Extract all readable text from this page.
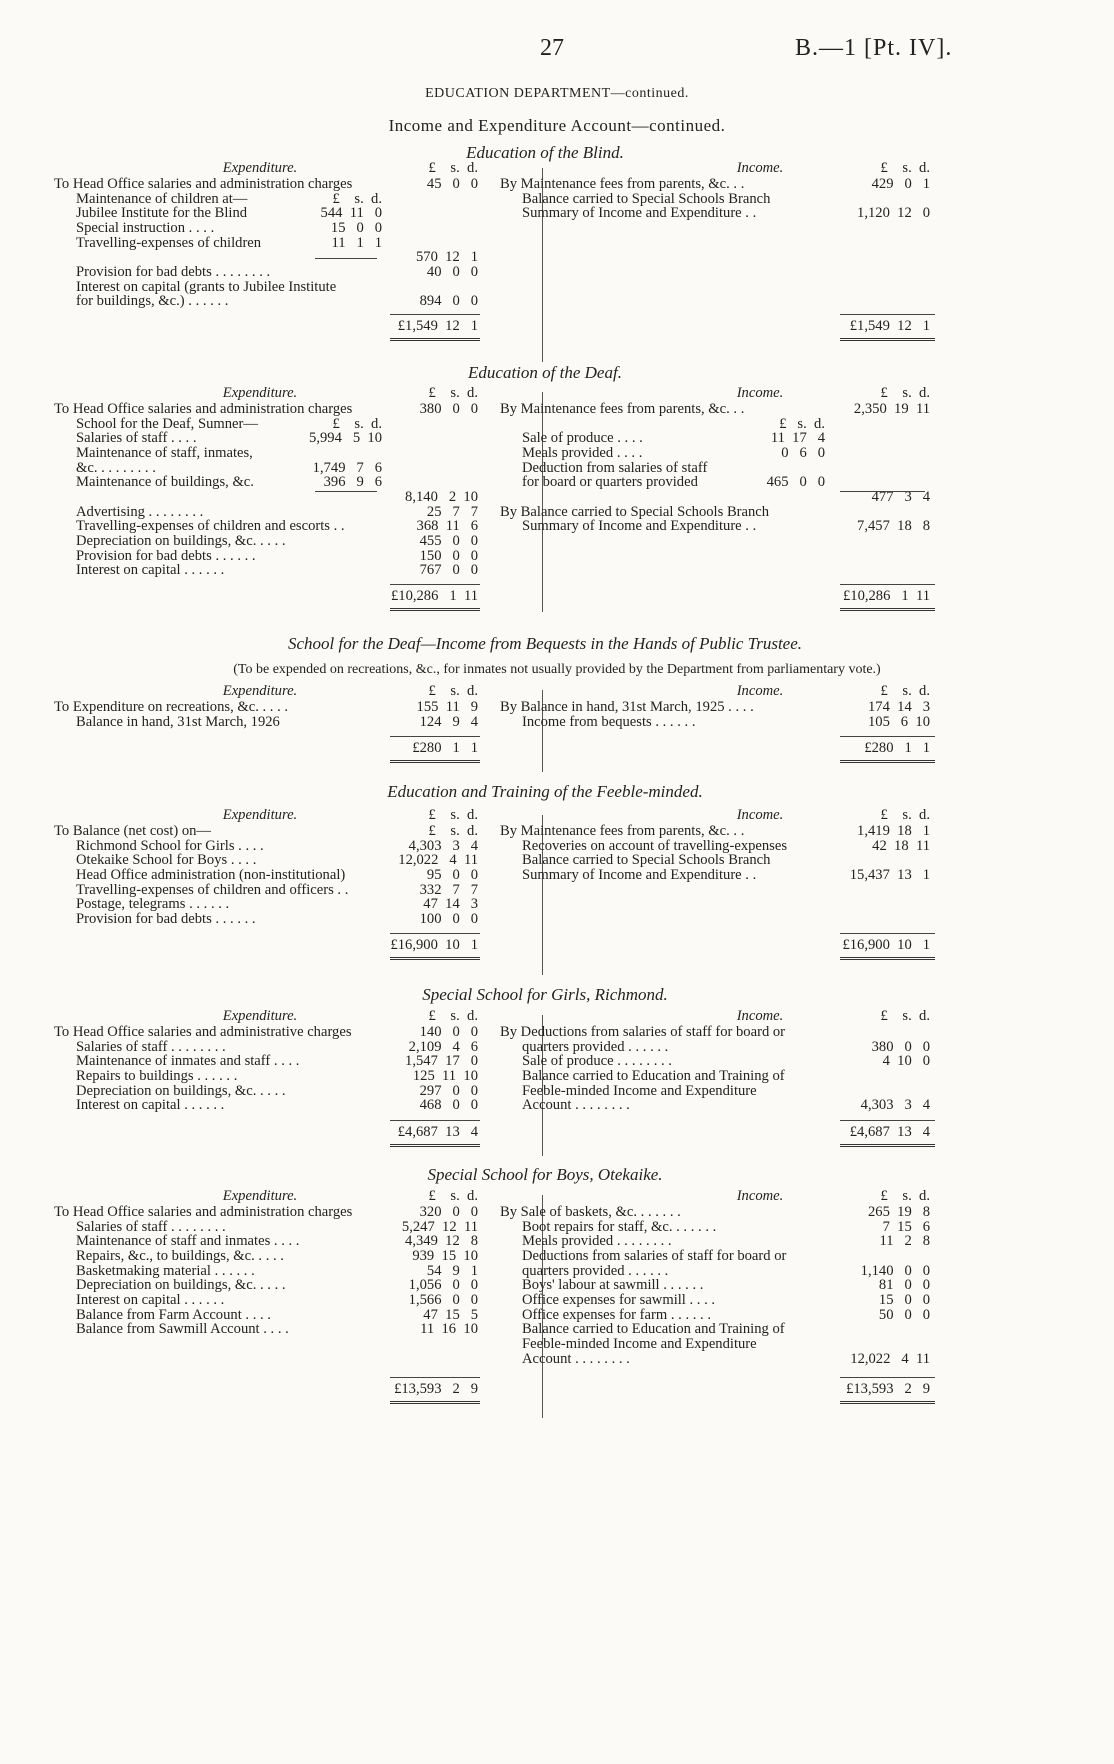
27	B.—1 [Pt. IV].
EDUCATION DEPARTMENT—continued.
Income and Expenditure Account—continued.
Education of the Blind.
Expenditure.	£    s.  d.	Income.	£    s.  d.
To Head Office salaries and administration charges	45   0   0
Maintenance of children at—	£    s.  d.
Jubilee Institute for the Blind	544  11   0
Special instruction . . . .	15   0   0
Travelling-expenses of children	11   1   1
570  12   1
Provision for bad debts . . . . . . . .	40   0   0
Interest on capital (grants to Jubilee Institute
for buildings, &c.) . . . . . .	894   0   0
By Maintenance fees from parents, &c. . .	429   0   1
Balance carried to Special Schools Branch
Summary of Income and Expenditure . .	1,120  12   0
£1,549  12   1	£1,549  12   1
Education of the Deaf.
Expenditure.	£    s.  d.	Income.	£    s.  d.
To Head Office salaries and administration charges	380   0   0
School for the Deaf, Sumner—	£    s.  d.
Salaries of staff . . . .	5,994   5  10
Maintenance of staff, inmates,
&c. . . . . . . . .	1,749   7   6
Maintenance of buildings, &c.	396   9   6
8,140   2  10
Advertising . . . . . . . .	25   7   7
Travelling-expenses of children and escorts . .	368  11   6
Depreciation on buildings, &c. . . . .	455   0   0
Provision for bad debts . . . . . .	150   0   0
Interest on capital . . . . . .	767   0   0
By Maintenance fees from parents, &c. . .	2,350  19  11
£   s.  d.
Sale of produce . . . .	11  17   4
Meals provided . . . .	0   6   0
Deduction from salaries of staff
for board or quarters provided	465   0   0
477   3   4
By Balance carried to Special Schools Branch
Summary of Income and Expenditure . .	7,457  18   8
£10,286   1  11	£10,286   1  11
School for the Deaf—Income from Bequests in the Hands of Public Trustee.
(To be expended on recreations, &c., for inmates not usually provided by the Department from parliamentary vote.)
Expenditure.	£    s.  d.	Income.	£    s.  d.
To Expenditure on recreations, &c. . . . .	155  11   9
Balance in hand, 31st March, 1926	124   9   4
By Balance in hand, 31st March, 1925 . . . .	174  14   3
Income from bequests . . . . . .	105   6  10
£280   1   1	£280   1   1
Education and Training of the Feeble-minded.
Expenditure.	£    s.  d.	Income.	£    s.  d.
To Balance (net cost) on—	£    s.  d.
Richmond School for Girls . . . .	4,303   3   4
Otekaike School for Boys . . . .	12,022   4  11
Head Office administration (non-institutional)	95   0   0
Travelling-expenses of children and officers . .	332   7   7
Postage, telegrams . . . . . .	47  14   3
Provision for bad debts . . . . . .	100   0   0
By Maintenance fees from parents, &c. . .	1,419  18   1
Recoveries on account of travelling-expenses	42  18  11
Balance carried to Special Schools Branch
Summary of Income and Expenditure . .	15,437  13   1
£16,900  10   1	£16,900  10   1
Special School for Girls, Richmond.
Expenditure.	£    s.  d.	Income.	£    s.  d.
To Head Office salaries and administrative charges	140   0   0
Salaries of staff . . . . . . . .	2,109   4   6
Maintenance of inmates and staff . . . .	1,547  17   0
Repairs to buildings . . . . . .	125  11  10
Depreciation on buildings, &c. . . . .	297   0   0
Interest on capital . . . . . .	468   0   0
By Deductions from salaries of staff for board or
quarters provided . . . . . .	380   0   0
Sale of produce . . . . . . . .	4  10   0
Balance carried to Education and Training of
Feeble-minded Income and Expenditure
Account . . . . . . . .	4,303   3   4
£4,687  13   4	£4,687  13   4
Special School for Boys, Otekaike.
Expenditure.	£    s.  d.	Income.	£    s.  d.
To Head Office salaries and administration charges	320   0   0
Salaries of staff . . . . . . . .	5,247  12  11
Maintenance of staff and inmates . . . .	4,349  12   8
Repairs, &c., to buildings, &c. . . . .	939  15  10
Basketmaking material . . . . . .	54   9   1
Depreciation on buildings, &c. . . . .	1,056   0   0
Interest on capital . . . . . .	1,566   0   0
Balance from Farm Account . . . .	47  15   5
Balance from Sawmill Account . . . .	11  16  10
By Sale of baskets, &c. . . . . . .	265  19   8
Boot repairs for staff, &c. . . . . . .	7  15   6
Meals provided . . . . . . . .	11   2   8
Deductions from salaries of staff for board or
quarters provided . . . . . .	1,140   0   0
Boys' labour at sawmill . . . . . .	81   0   0
Office expenses for sawmill . . . .	15   0   0
Office expenses for farm . . . . . .	50   0   0
Balance carried to Education and Training of
Feeble-minded Income and Expenditure
Account . . . . . . . .	12,022   4  11
£13,593   2   9	£13,593   2   9
